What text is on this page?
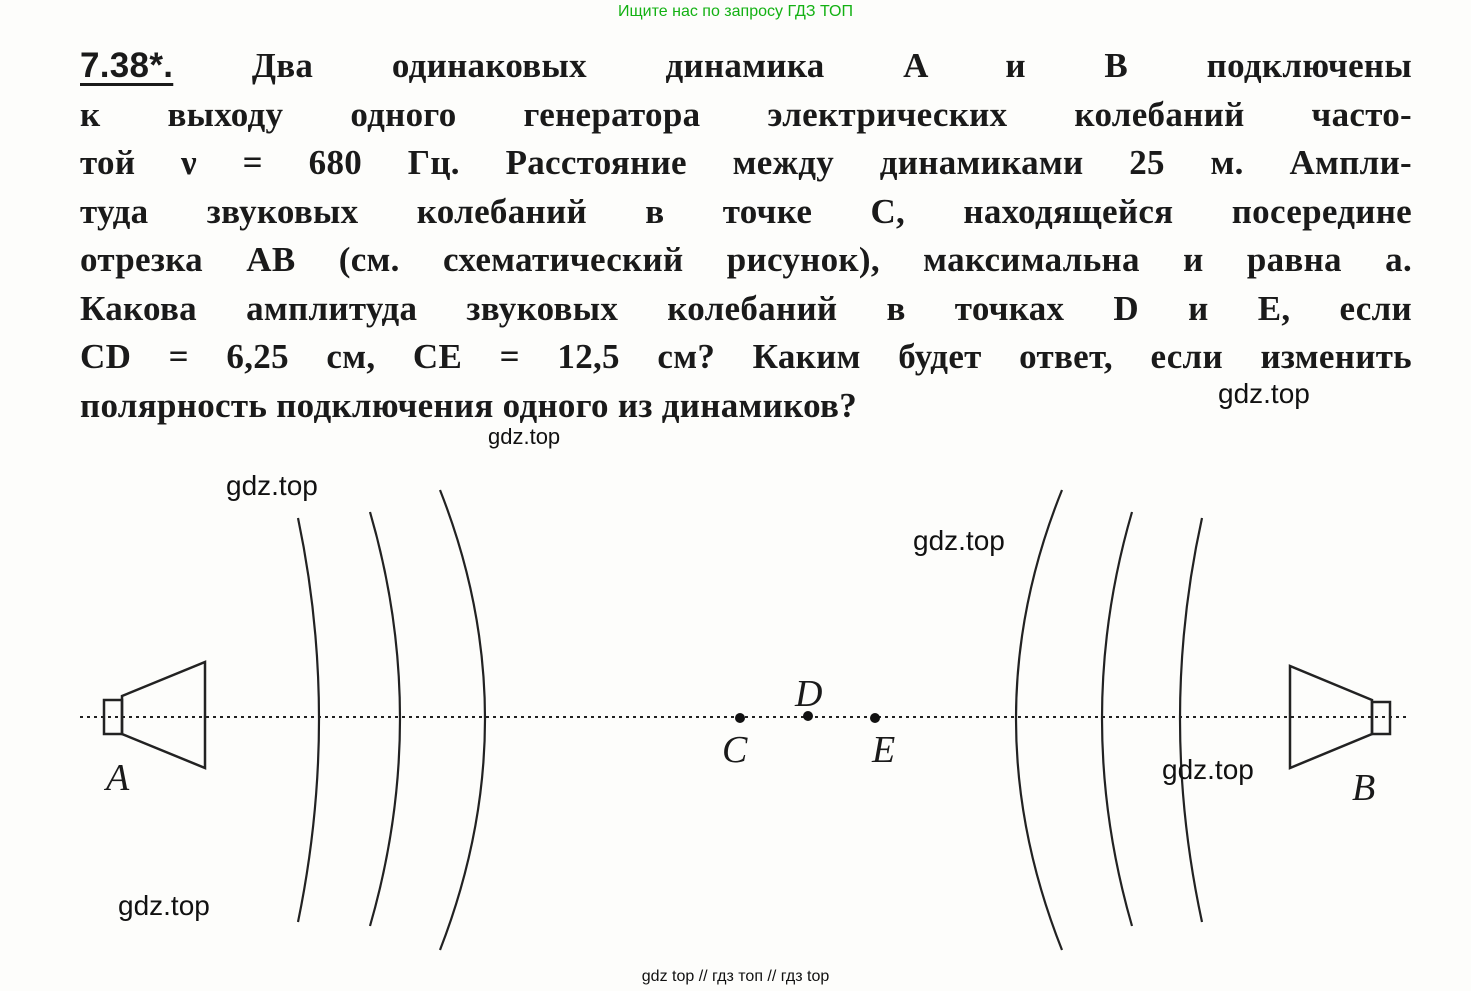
Ищите нас по запросу ГДЗ ТОП
7.38*. Два одинаковых динамика A и B подключены
к выходу одного генератора электрических колебаний часто-
той ν = 680 Гц. Расстояние между динамиками 25 м. Ампли-
туда звуковых колебаний в точке C, находящейся посередине
отрезка AB (см. схематический рисунок), максимальна и равна a.
Какова амплитуда звуковых колебаний в точках D и E, если
CD = 6,25 см, CE = 12,5 см? Каким будет ответ, если изменить
полярность подключения одного из динамиков?
A	B
C
D
E
gdz.top
gdz.top
gdz.top
gdz.top
gdz.top
gdz.top
gdz top // гдз топ // гдз top
